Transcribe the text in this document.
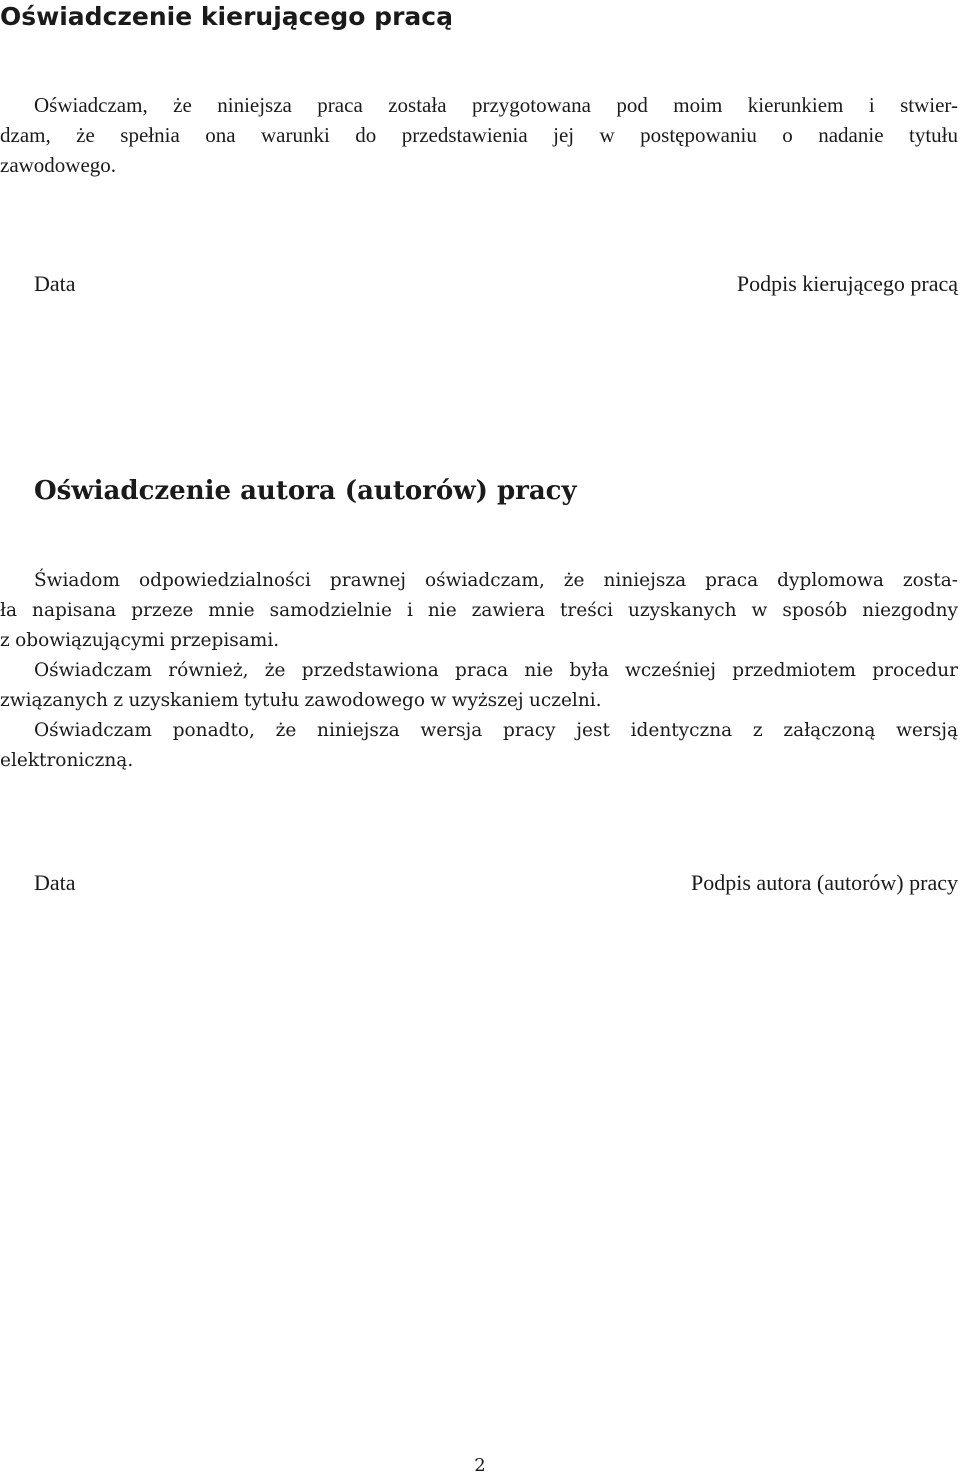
Oświadczenie kierującego pracą

Oświadczam, że niniejsza praca została przygotowana pod moim kierunkiem i stwier-
dzam, że spełnia ona warunki do przedstawienia jej w postępowaniu o nadanie tytułu
zawodowego.

Data	Podpis kierującego pracą
Oświadczenie autora (autorów) pracy

Świadom odpowiedzialności prawnej oświadczam, że niniejsza praca dyplomowa zosta-
ła napisana przeze mnie samodzielnie i nie zawiera treści uzyskanych w sposób niezgodny
z obowiązującymi przepisami.
Oświadczam również, że przedstawiona praca nie była wcześniej przedmiotem procedur
związanych z uzyskaniem tytułu zawodowego w wyższej uczelni.
Oświadczam ponadto, że niniejsza wersja pracy jest identyczna z załączoną wersją
elektroniczną.

Data	Podpis autora (autorów) pracy
2
